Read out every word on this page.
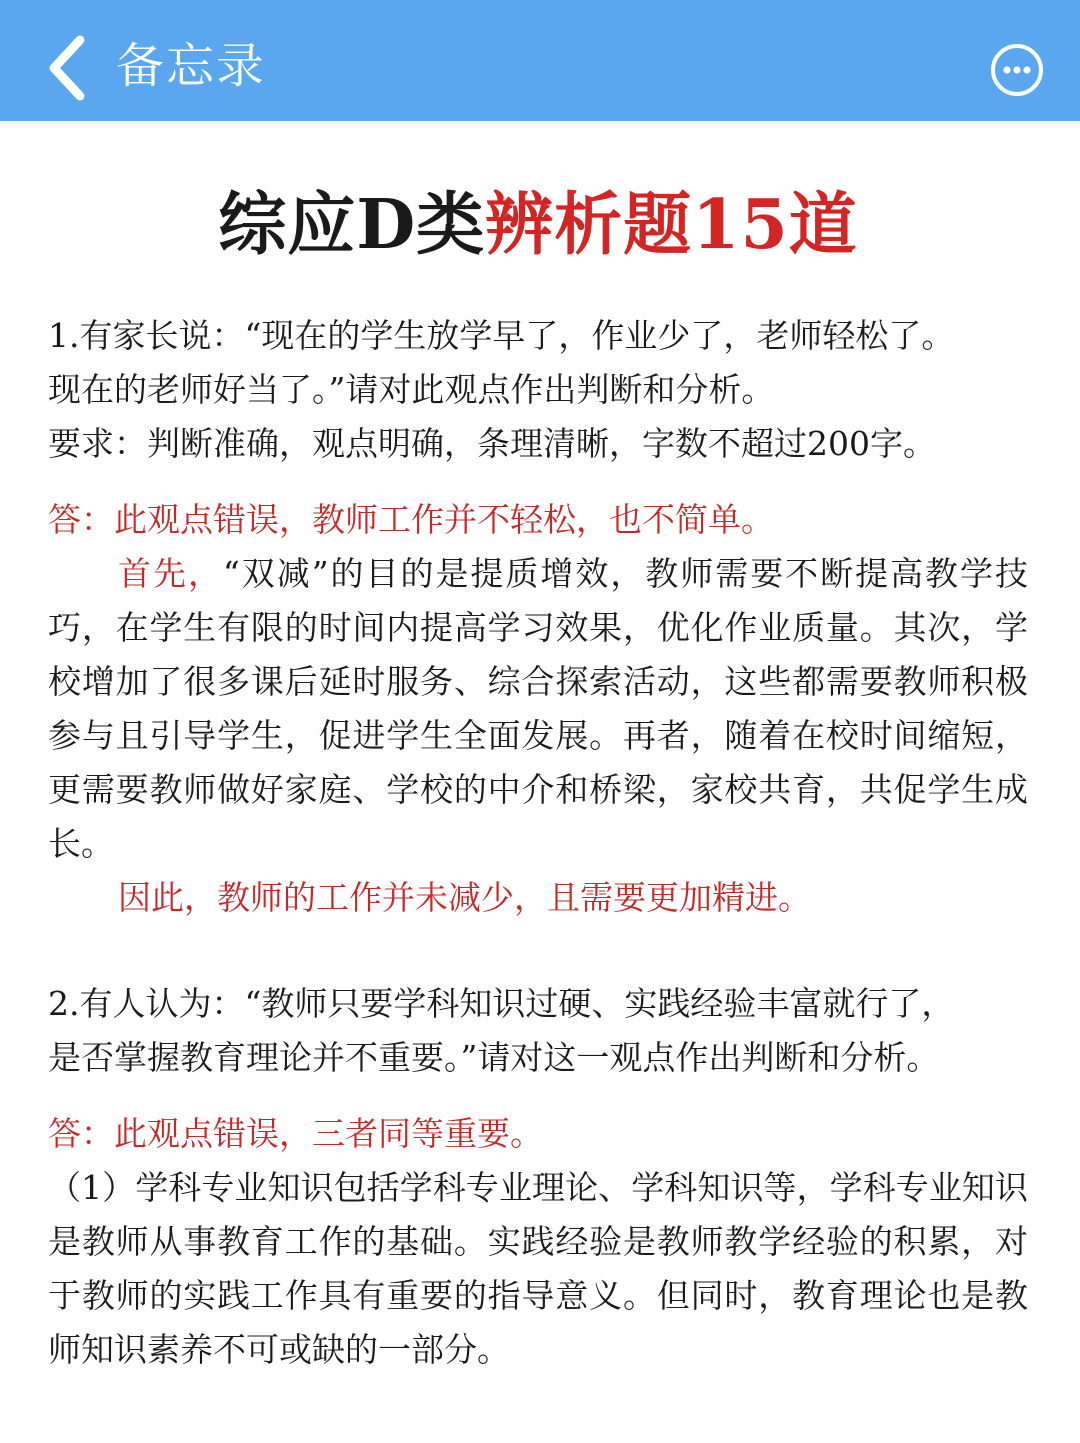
备忘录
综应D类辨析题15道

1.有家长说：“现在的学生放学早了，作业少了，老师轻松了。

现在的老师好当了。”请对此观点作出判断和分析。

要求：判断准确，观点明确，条理清晰，字数不超过200字。

答：此观点错误，教师工作并不轻松，也不简单。

首先，“双减”的目的是提质增效，教师需要不断提高教学技巧，在学生有限的时间内提高学习效果，优化作业质量。其次，学校增加了很多课后延时服务、综合探索活动，这些都需要教师积极参与且引导学生，促进学生全面发展。再者，随着在校时间缩短，更需要教师做好家庭、学校的中介和桥梁，家校共育，共促学生成长。

因此，教师的工作并未减少，且需要更加精进。

2.有人认为：“教师只要学科知识过硬、实践经验丰富就行了，

是否掌握教育理论并不重要。”请对这一观点作出判断和分析。

答：此观点错误，三者同等重要。

（1）学科专业知识包括学科专业理论、学科知识等，学科专业知识是教师从事教育工作的基础。实践经验是教师教学经验的积累，对于教师的实践工作具有重要的指导意义。但同时，教育理论也是教师知识素养不可或缺的一部分。
